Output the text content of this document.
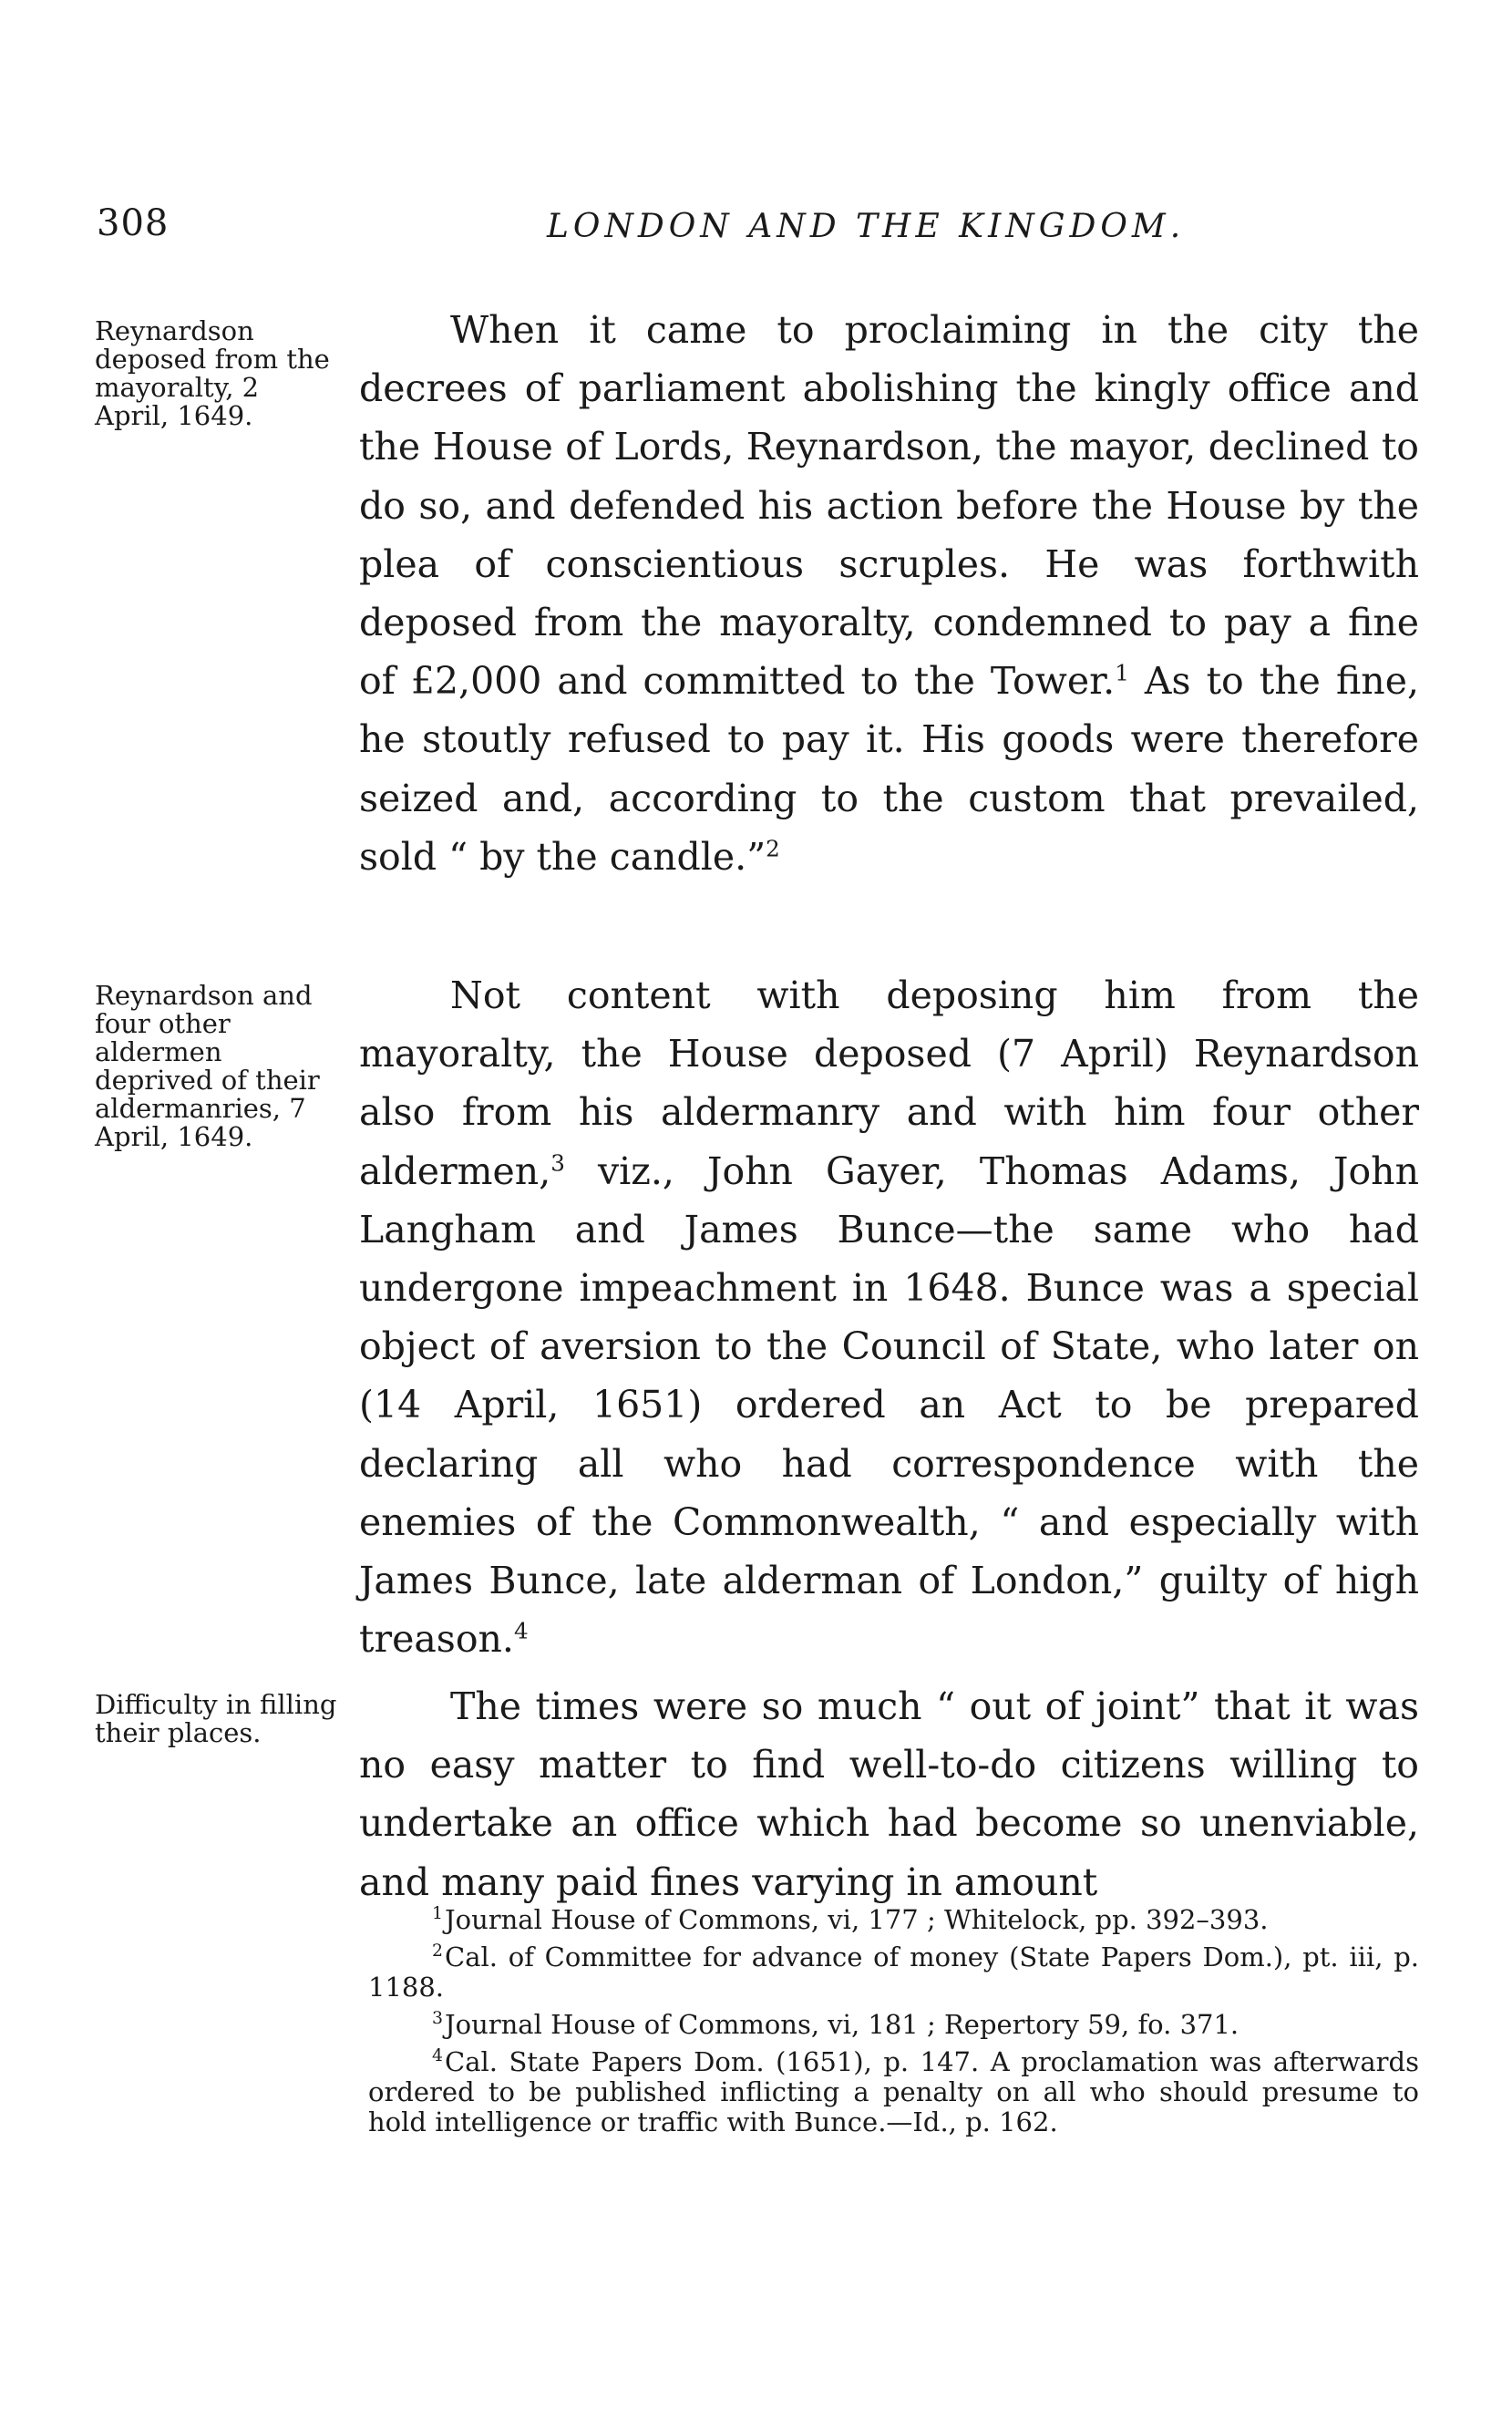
308	LONDON AND THE KINGDOM.
Reynardson deposed from the mayoralty, 2 April, 1649.
Reynardson and four other aldermen deprived of their aldermanries, 7 April, 1649.
Difficulty in filling their places.
When it came to proclaiming in the city the decrees of parliament abolishing the kingly office and the House of Lords, Reynardson, the mayor, declined to do so, and defended his action before the House by the plea of conscientious scruples. He was forthwith deposed from the mayoralty, condemned to pay a fine of £2,000 and committed to the Tower.$^1$ As to the fine, he stoutly refused to pay it. His goods were therefore seized and, according to the custom that prevailed, sold “ by the candle.”$^2$
Not content with deposing him from the mayoralty, the House deposed (7 April) Reynardson also from his aldermanry and with him four other aldermen,$^3$ viz., John Gayer, Thomas Adams, John Langham and James Bunce—the same who had undergone impeachment in 1648. Bunce was a special object of aversion to the Council of State, who later on (14 April, 1651) ordered an Act to be prepared declaring all who had correspondence with the enemies of the Commonwealth, “ and especially with James Bunce, late alderman of London,” guilty of high treason.$^4$
The times were so much “ out of joint” that it was no easy matter to find well-to-do citizens willing to undertake an office which had become so unenviable, and many paid fines varying in amount
$^1$Journal House of Commons, vi, 177 ; Whitelock, pp. 392–393.
$^2$Cal. of Committee for advance of money (State Papers Dom.), pt. iii, p. 1188.
$^3$Journal House of Commons, vi, 181 ; Repertory 59, fo. 371.
$^4$Cal. State Papers Dom. (1651), p. 147. A proclamation was afterwards ordered to be published inflicting a penalty on all who should presume to hold intelligence or traffic with Bunce.—Id., p. 162.
